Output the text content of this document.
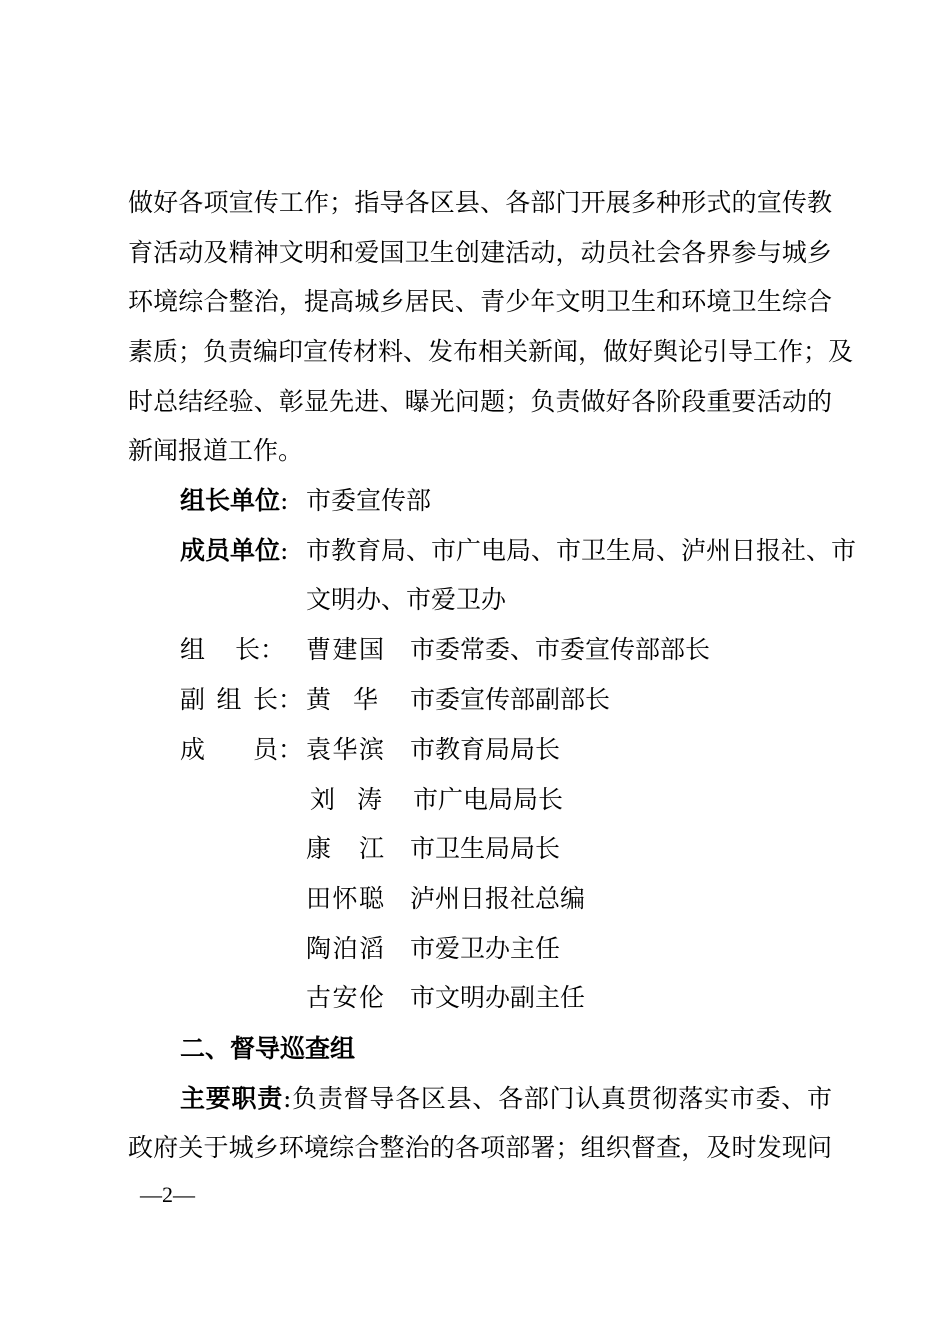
做好各项宣传工作；指导各区县、各部门开展多种形式的宣传教
育活动及精神文明和爱国卫生创建活动，动员社会各界参与城乡
环境综合整治，提高城乡居民、青少年文明卫生和环境卫生综合
素质；负责编印宣传材料、发布相关新闻，做好舆论引导工作；及
时总结经验、彰显先进、曝光问题；负责做好各阶段重要活动的
新闻报道工作。
组长单位: 市委宣传部
成员单位: 市教育局、市广电局、市卫生局、泸州日报社、市
文明办、市爱卫办
组长： 曹建国 市委常委、市委宣传部部长
副组长： 黄华 市委宣传部副部长
成员： 袁华滨 市教育局局长
刘涛 市广电局局长
康江 市卫生局局长
田怀聪 泸州日报社总编
陶泊滔 市爱卫办主任
古安伦 市文明办副主任
二、督导巡查组
主要职责:负责督导各区县、各部门认真贯彻落实市委、市
政府关于城乡环境综合整治的各项部署；组织督查，及时发现问
—2—
